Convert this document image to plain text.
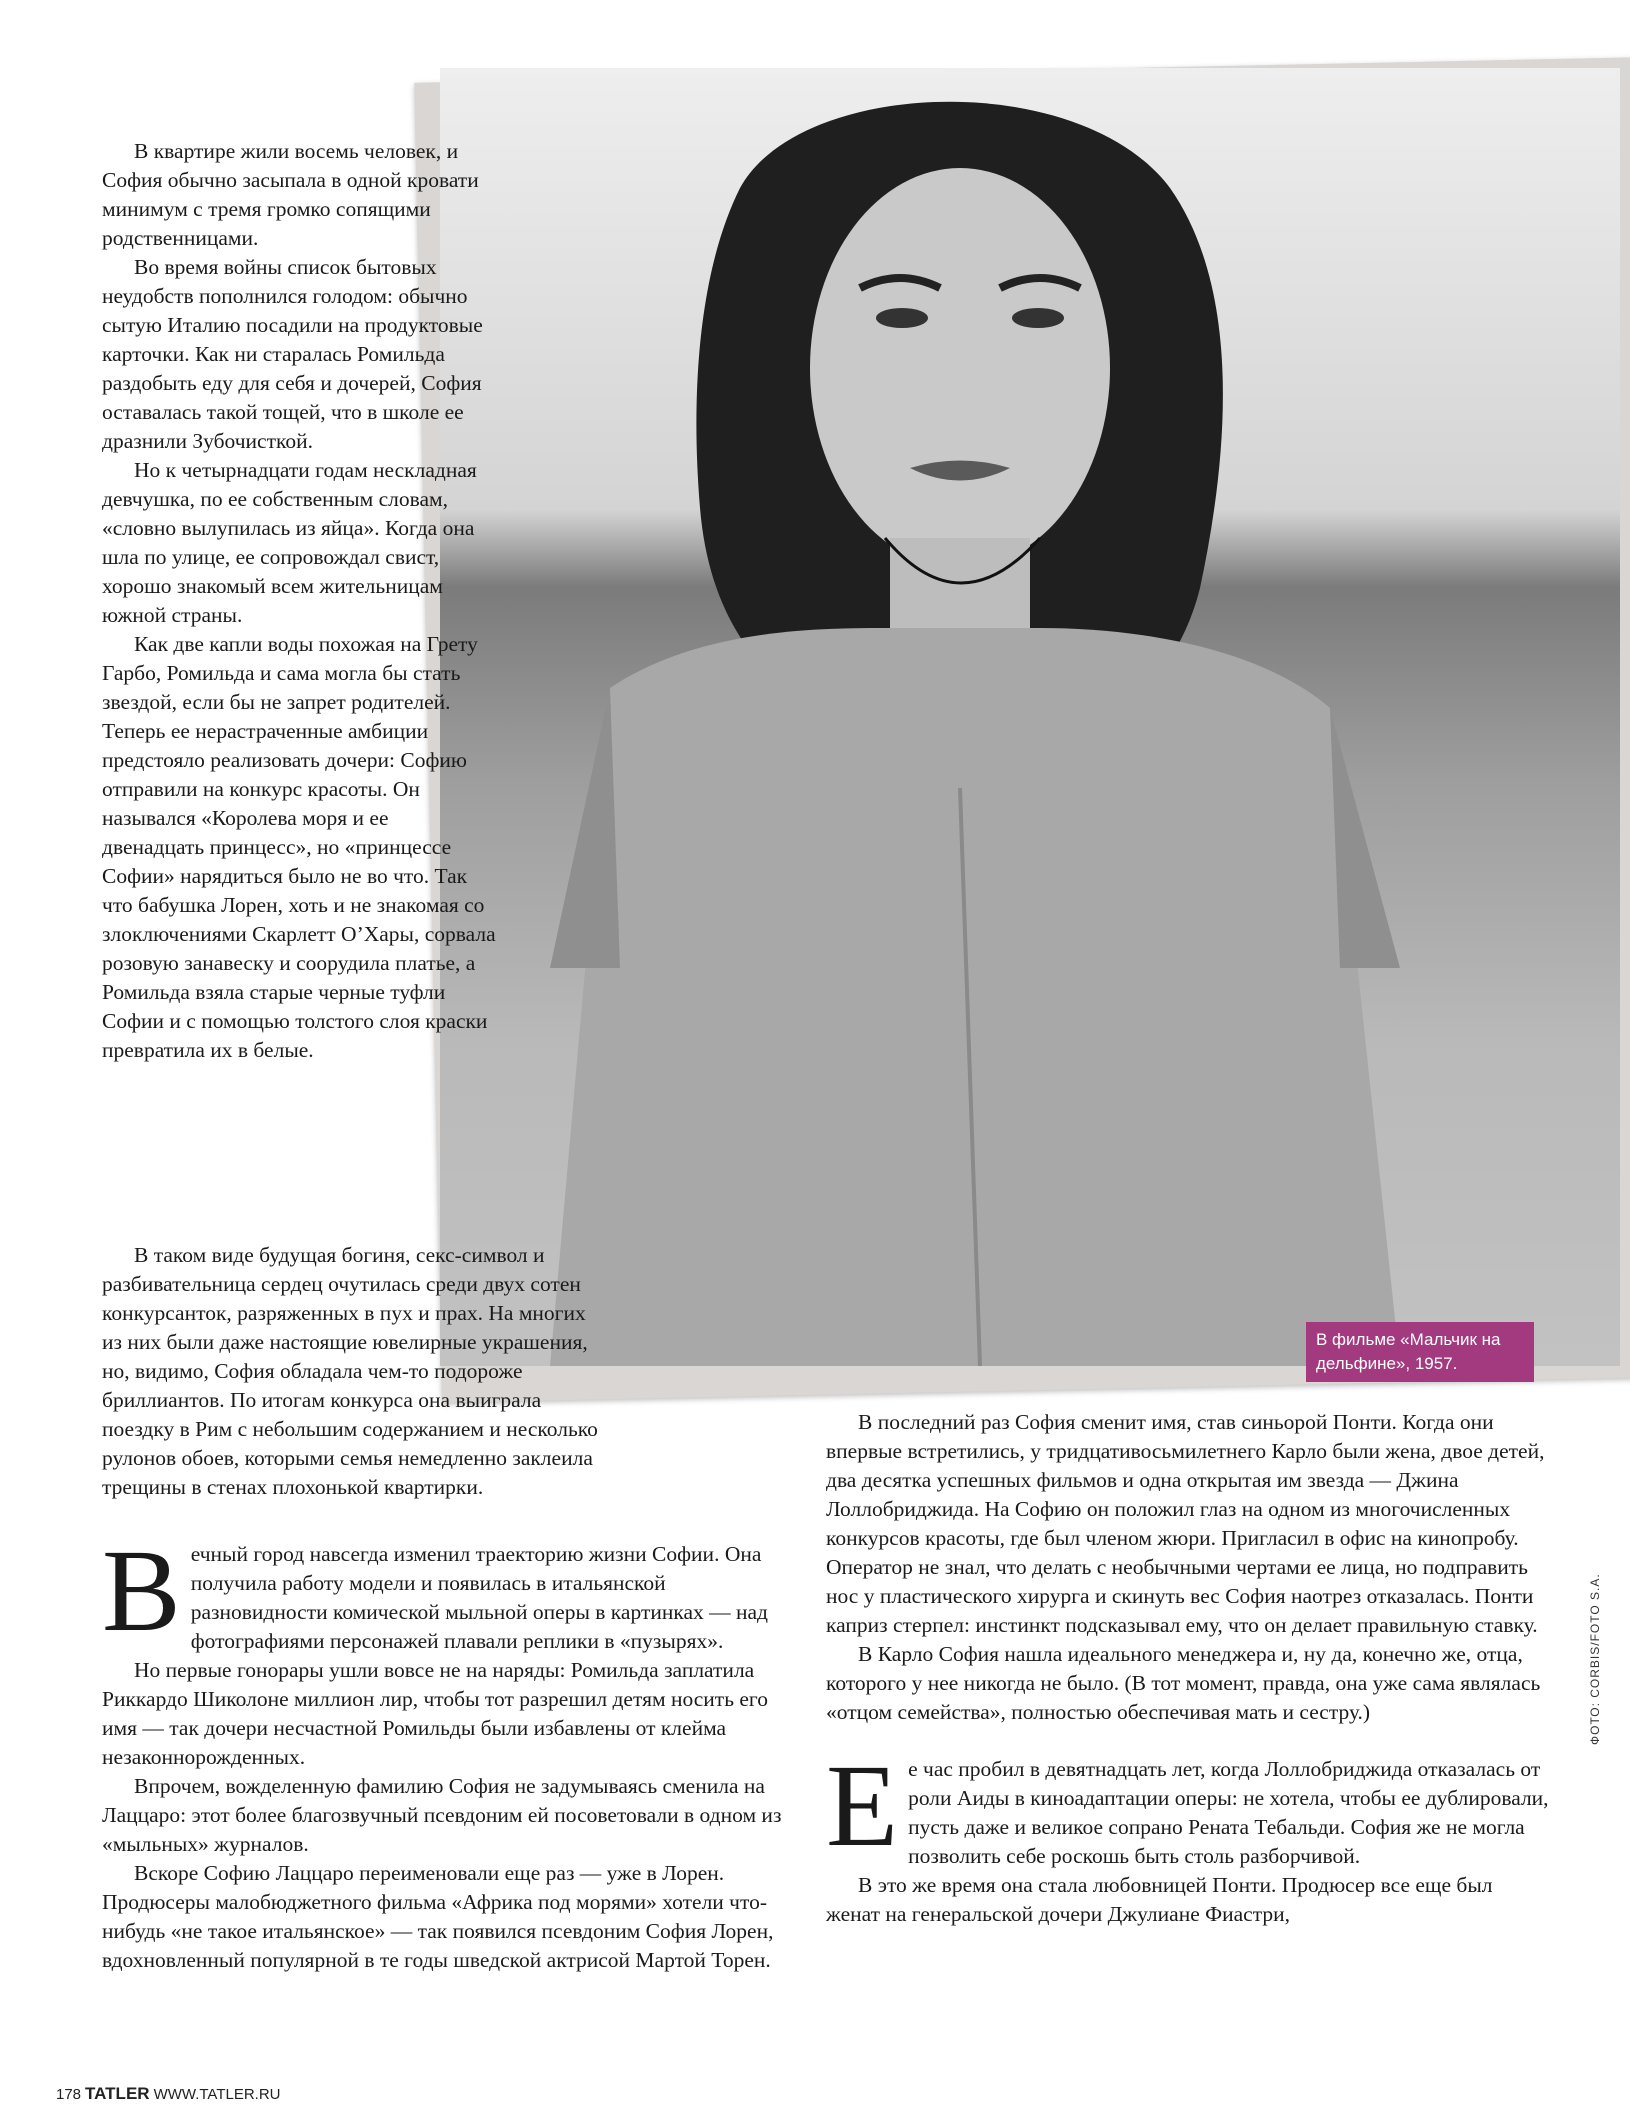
В фильме «Мальчик на дельфине», 1957.

В квартире жили восемь человек, и София обычно засыпала в одной кровати минимум с тремя громко сопящими родственницами.

Во время войны список бытовых неудобств пополнился голодом: обычно сытую Италию посадили на продуктовые карточки. Как ни старалась Ромильда раздобыть еду для себя и дочерей, София оставалась такой тощей, что в школе ее дразнили Зубочисткой.

Но к четырнадцати годам нескладная девчушка, по ее собственным словам, «словно вылупилась из яйца». Когда она шла по улице, ее сопровождал свист, хорошо знакомый всем жительницам южной страны.

Как две капли воды похожая на Грету Гарбо, Ромильда и сама могла бы стать звездой, если бы не запрет родителей. Теперь ее нерастраченные амбиции предстояло реализовать дочери: Софию отправили на конкурс красоты. Он назывался «Королева моря и ее двенадцать принцесс», но «принцессе Софии» нарядиться было не во что. Так что бабушка Лорен, хоть и не знакомая со злоключениями Скарлетт О’Хары, сорвала розовую занавеску и соорудила платье, а Ромильда взяла старые черные туфли Софии и с помощью толстого слоя краски превратила их в белые.

В таком виде будущая богиня, секс-символ и разбивательница сердец очутилась среди двух сотен конкурсанток, разряженных в пух и прах. На многих из них были даже настоящие ювелирные украшения, но, видимо, София обладала чем-то подороже бриллиантов. По итогам конкурса она выиграла поездку в Рим с небольшим содержанием и несколько рулонов обоев, которыми семья немедленно заклеила трещины в стенах плохонькой квартирки.

В ечный город навсегда изменил траекторию жизни Софии. Она получила работу модели и появилась в итальянской разновидности комической мыльной оперы в картинках — над фотографиями персонажей плавали реплики в «пузырях».

Но первые гонорары ушли вовсе не на наряды: Ромильда заплатила Риккардо Шиколоне миллион лир, чтобы тот разрешил детям носить его имя — так дочери несчастной Ромильды были избавлены от клейма незаконнорожденных.

Впрочем, вожделенную фамилию София не задумываясь сменила на Лаццаро: этот более благозвучный псевдоним ей посоветовали в одном из «мыльных» журналов.

Вскоре Софию Лаццаро переименовали еще раз — уже в Лорен. Продюсеры малобюджетного фильма «Африка под морями» хотели что-нибудь «не такое итальянское» — так появился псевдоним София Лорен, вдохновленный популярной в те годы шведской актрисой Мартой Торен.

В последний раз София сменит имя, став синьорой Понти. Когда они впервые встретились, у тридцативосьмилетнего Карло были жена, двое детей, два десятка успешных фильмов и одна открытая им звезда — Джина Лоллобриджида. На Софию он положил глаз на одном из многочисленных конкурсов красоты, где был членом жюри. Пригласил в офис на кинопробу. Оператор не знал, что делать с необычными чертами ее лица, но подправить нос у пластического хирурга и скинуть вес София наотрез отказалась. Понти каприз стерпел: инстинкт подсказывал ему, что он делает правильную ставку.

В Карло София нашла идеального менеджера и, ну да, конечно же, отца, которого у нее никогда не было. (В тот момент, правда, она уже сама являлась «отцом семейства», полностью обеспечивая мать и сестру.)

Е е час пробил в девятнадцать лет, когда Лоллобриджида отказалась от роли Аиды в киноадаптации оперы: не хотела, чтобы ее дублировали, пусть даже и великое сопрано Рената Тебальди. София же не могла позволить себе роскошь быть столь разборчивой.

В это же время она стала любовницей Понти. Продюсер все еще был женат на генеральской дочери Джулиане Фиастри,

ФОТО: CORBIS/FOTO S.A.
178 TATLER WWW.TATLER.RU
